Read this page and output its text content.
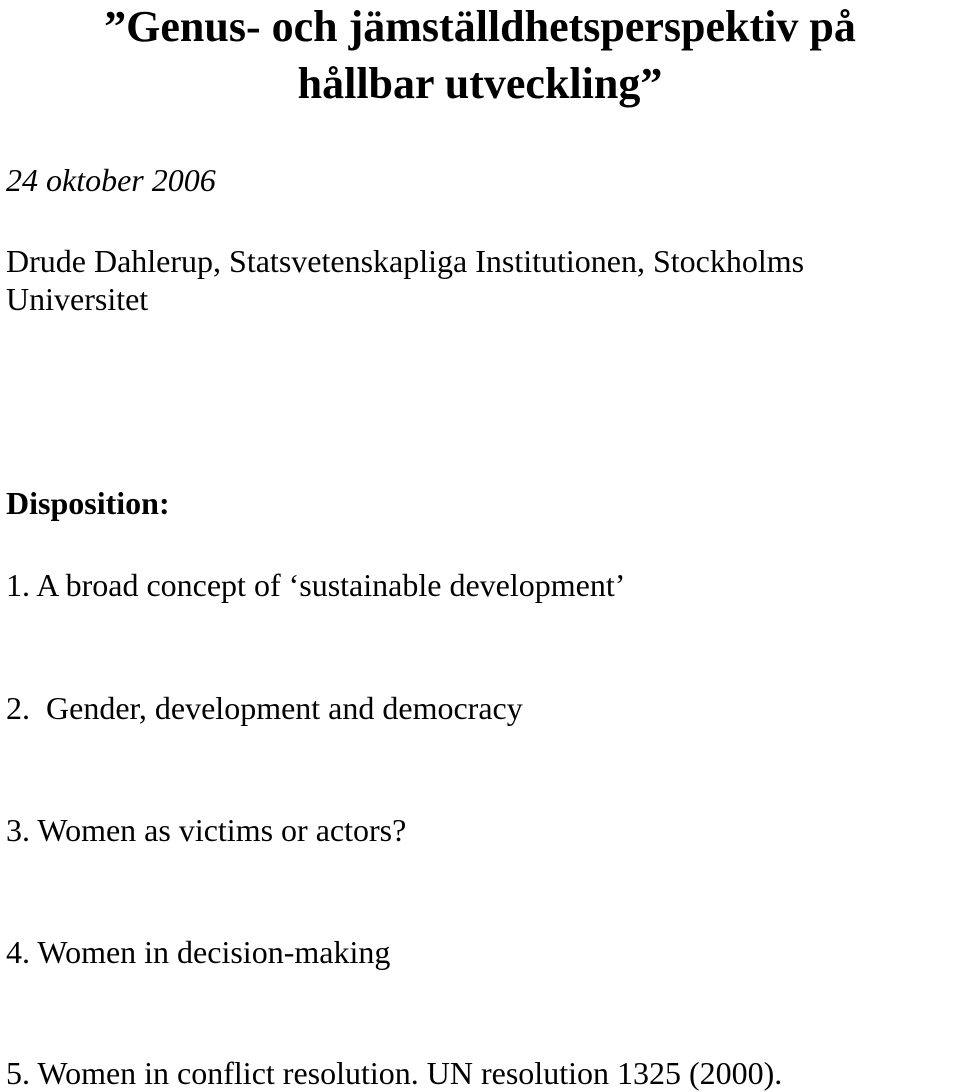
”Genus- och jämställdhetsperspektiv på
hållbar utveckling”
24 oktober 2006
Drude Dahlerup, Statsvetenskapliga Institutionen, Stockholms
Universitet
Disposition:
1. A broad concept of ‘sustainable development’
2.  Gender, development and democracy
3. Women as victims or actors?
4. Women in decision-making
5. Women in conflict resolution. UN resolution 1325 (2000).
